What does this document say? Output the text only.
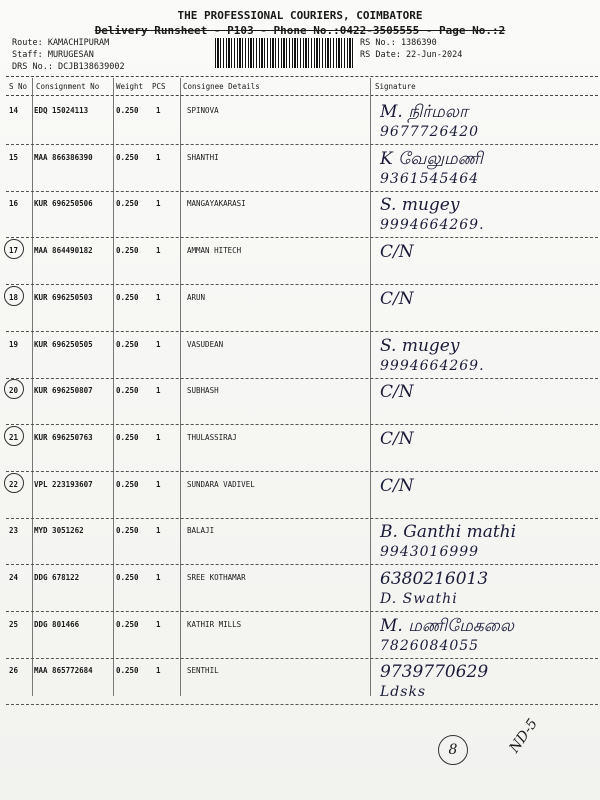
THE PROFESSIONAL COURIERS, COIMBATORE
Delivery Runsheet - P103 - Phone No.:0422-3505555 - Page No.:2
Route: KAMACHIPURAM
Staff: MURUGESAN
DRS No.: DCJB138639002
RS No.: 1386390
RS Date: 22-Jun-2024
S No Consignment No Weight PCS Consignee Details	Signature
14 EDQ 15024113	0.250 1	SPINOVA	M. நிர்மலா
9677726420
15 MAA 866386390	0.250 1	SHANTHI	K வேலுமணி
9361545464
16 KUR 696250506	0.250 1	MANGAYAKARASI	S. mugey
9994664269.
17 MAA 864490182	0.250 1	AMMAN HITECH	C/N
18 KUR 696250503	0.250 1	ARUN	C/N
19 KUR 696250505	0.250 1	VASUDEAN	S. mugey
9994664269.
20 KUR 696250807	0.250 1	SUBHASH	C/N
21 KUR 696250763	0.250 1	THULASSIRAJ	C/N
22 VPL 223193607	0.250 1	SUNDARA VADIVEL	C/N
23 MYD 3051262	0.250 1	BALAJI	B. Ganthi mathi
9943016999
24 DDG 678122	0.250 1	SREE KOTHAMAR	6380216013
D. Swathi
25 DDG 801466	0.250 1	KATHIR MILLS	M. மணிமேகலை
7826084055
26 MAA 865772684	0.250 1	SENTHIL	9739770629
Ldsks
8	ND-5
